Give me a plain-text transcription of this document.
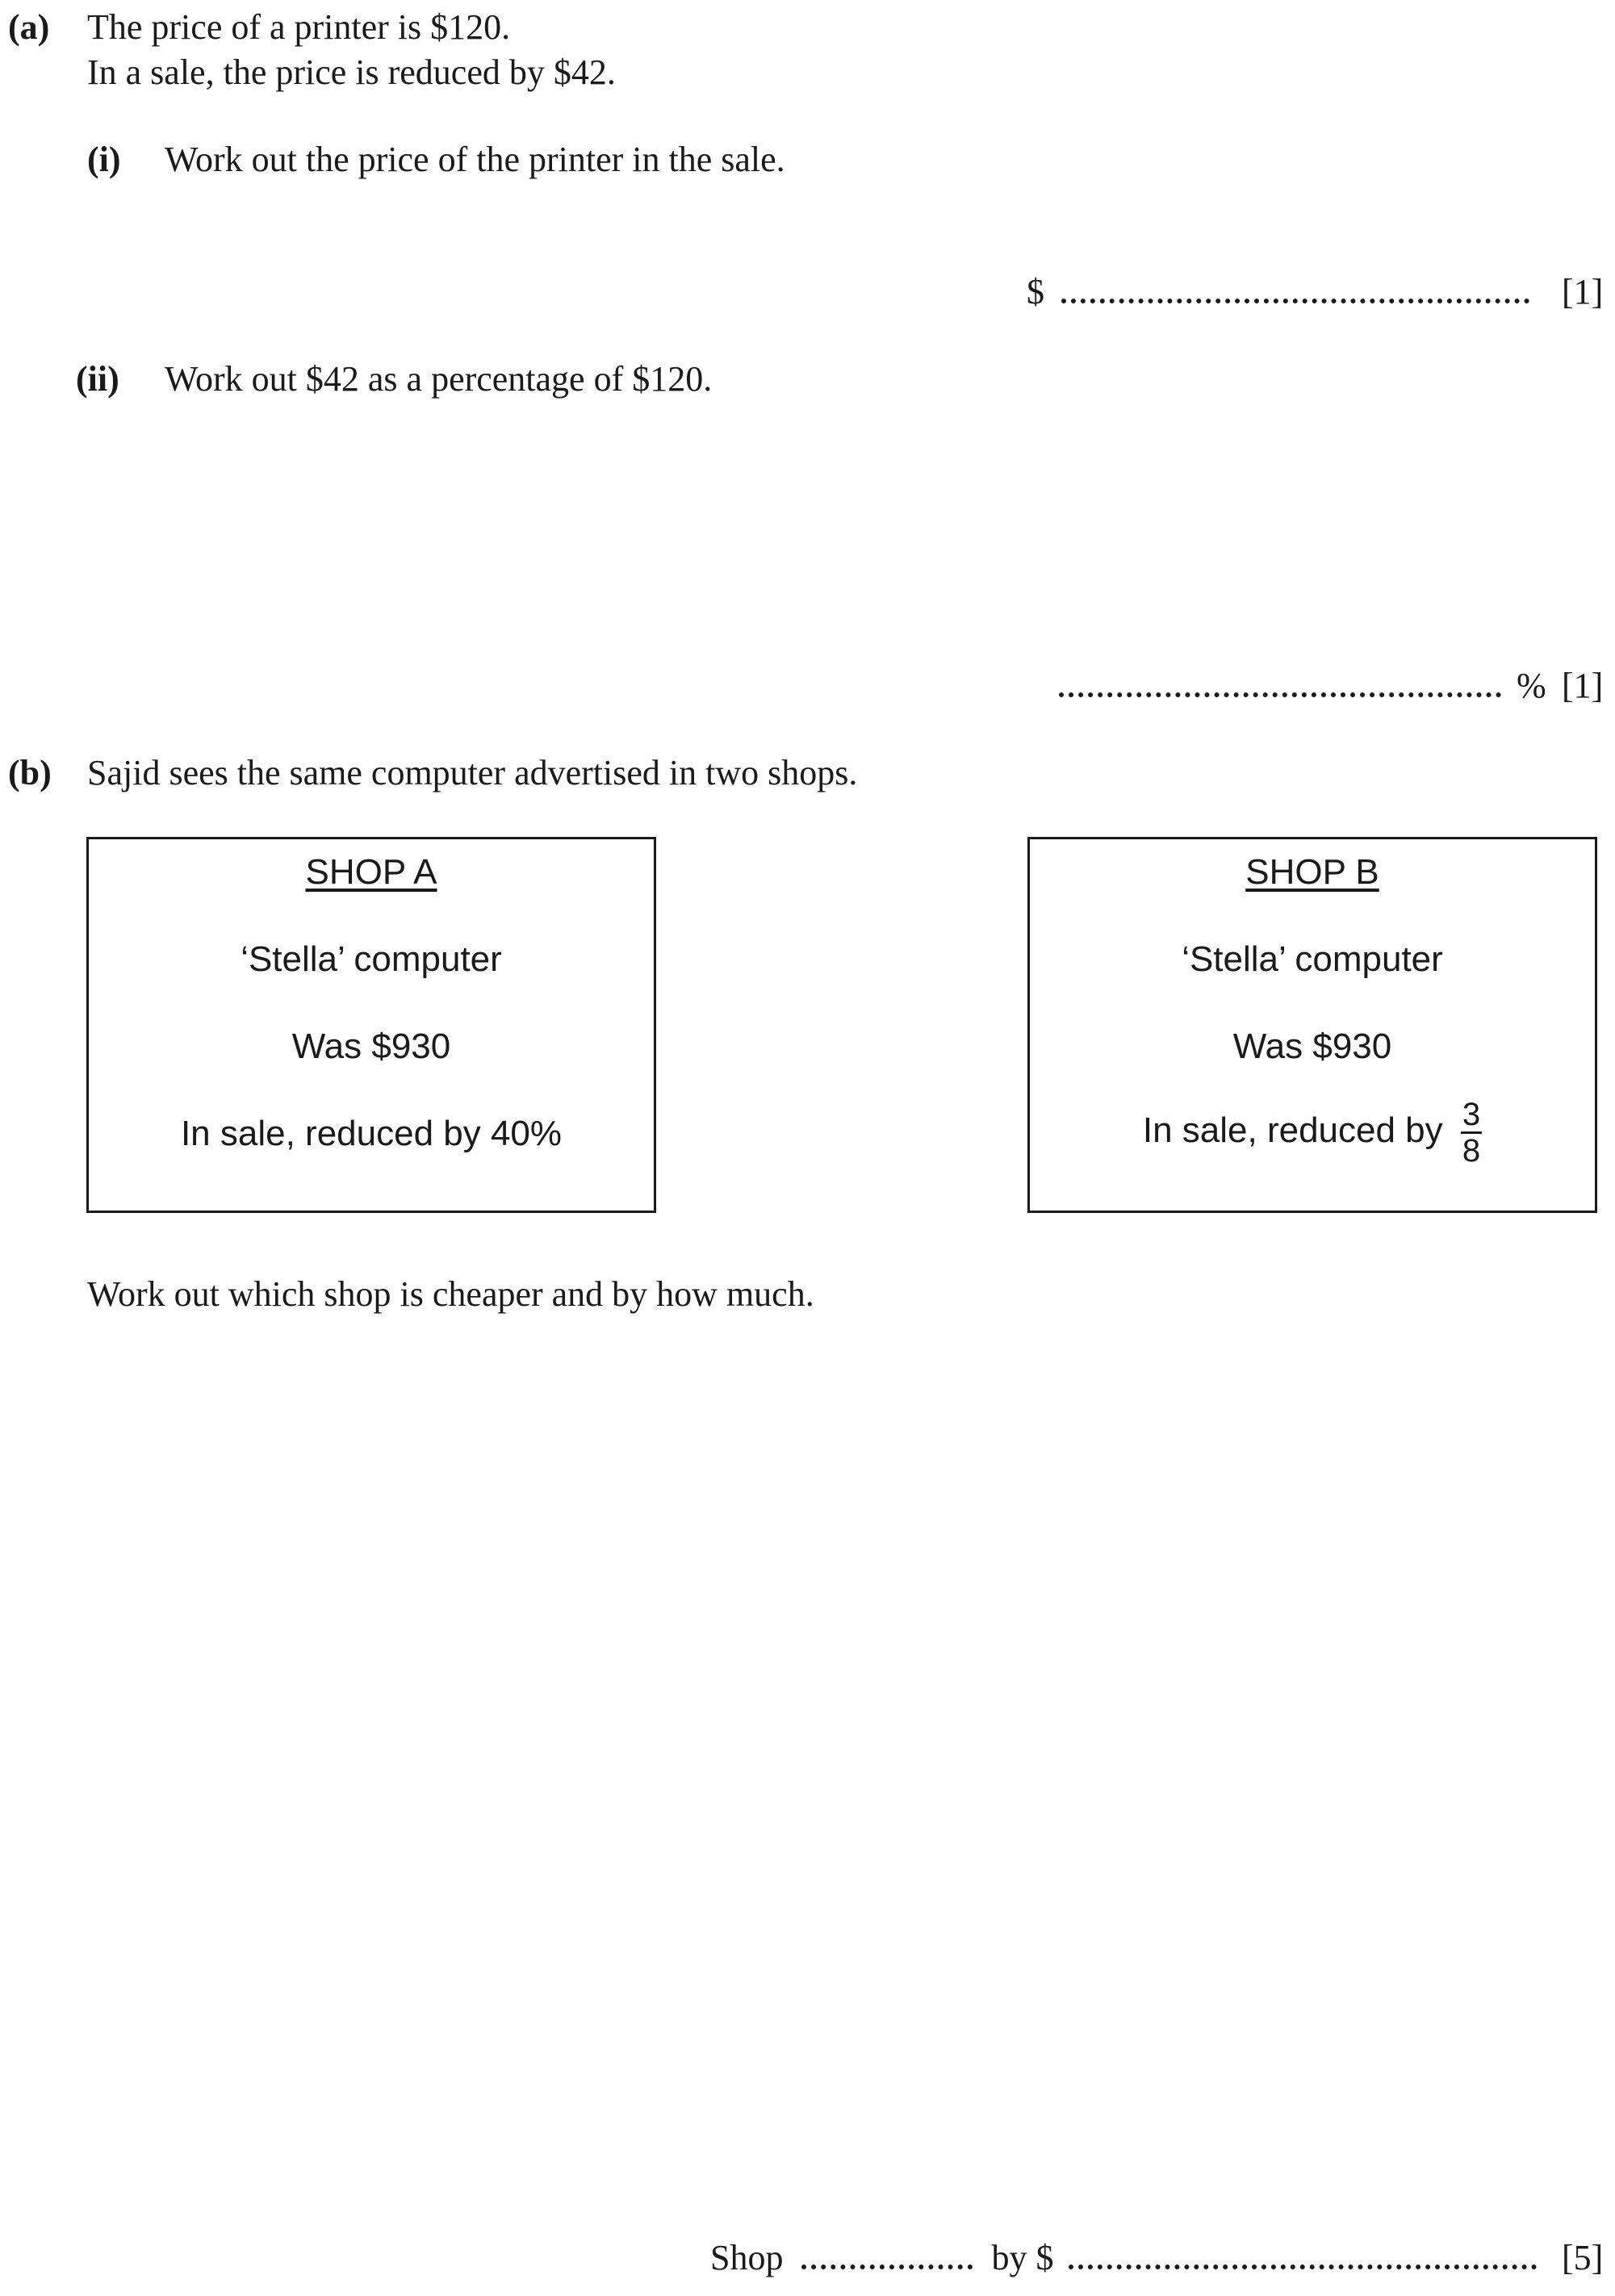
(a) The price of a printer is $120.
In a sale, the price is reduced by $42.
(i) Work out the price of the printer in the sale.
$	[1]
(ii) Work out $42 as a percentage of $120.
% [1]
(b) Sajid sees the same computer advertised in two shops.
SHOP A
‘Stella’ computer
Was $930
In sale, reduced by 40%
SHOP B
‘Stella’ computer
Was $930
In sale, reduced by $\frac{3}{8}$
Work out which shop is cheaper and by how much.
Shop	by $	[5]
